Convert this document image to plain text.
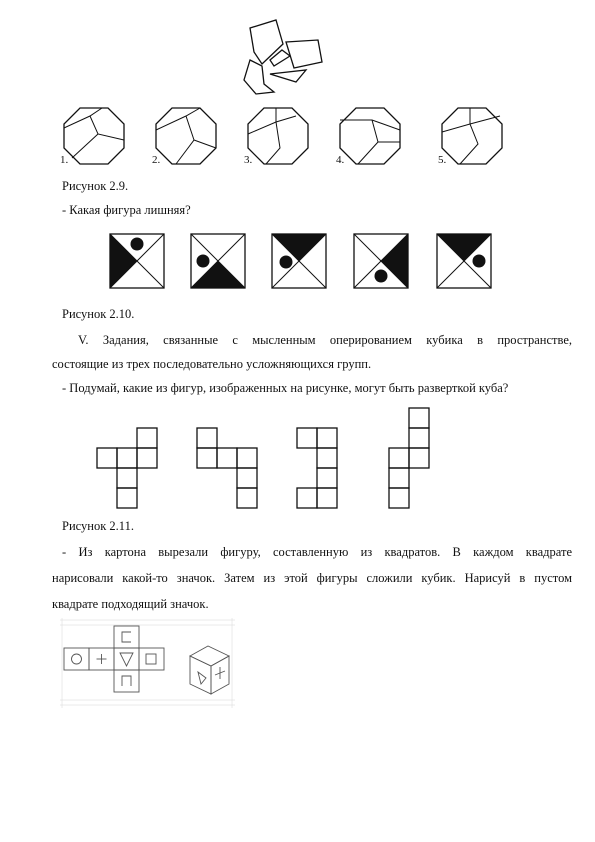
1.	2.	3.	4.	5.
Рисунок 2.9.
- Какая фигура лишняя?
Рисунок 2.10.
V. Задания, связанные с мысленным оперированием кубика в пространстве,
состоящие из трех последовательно усложняющихся групп.
- Подумай, какие из фигур, изображенных на рисунке, могут быть разверткой куба?
Рисунок 2.11.
- Из картона вырезали фигуру, составленную из квадратов. В каждом квадрате
нарисовали какой-то значок. Затем из этой фигуры сложили кубик. Нарисуй в пустом
квадрате подходящий значок.
